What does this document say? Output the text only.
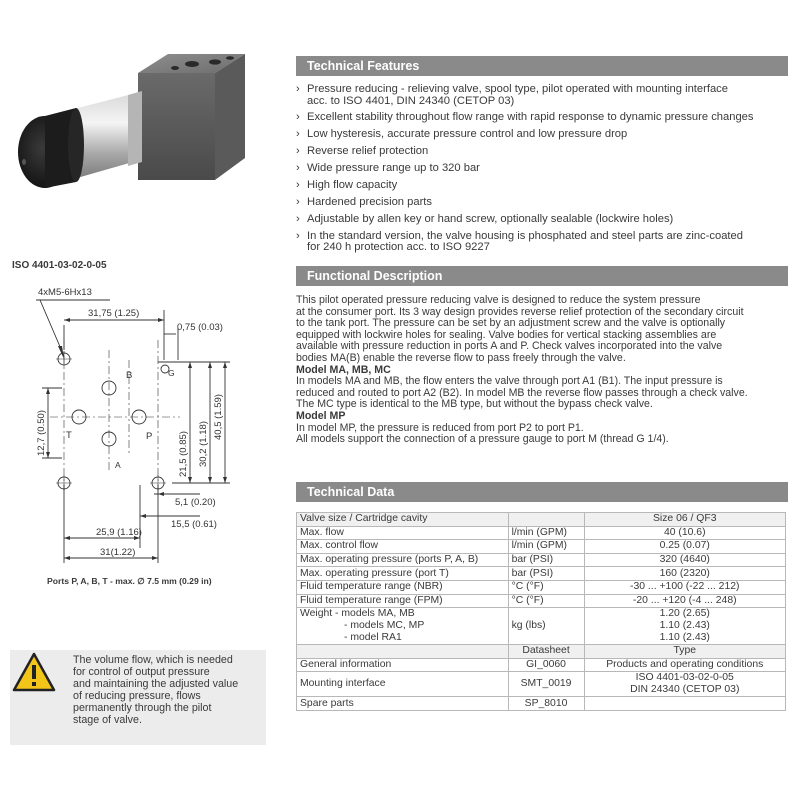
ISO 4401-03-02-0-05
4xM5-6Hx13
31,75 (1.25)
0,75 (0.03)
B	G
T	P
A
5,1 (0.20)
15,5 (0.61)
25,9 (1.16)
31(1.22)
12,7 (0.50)	21,5 (0.85) 30,2 (1.18)
40,5 (1.59)
Ports P, A, B, T - max. ∅ 7.5 mm (0.29 in)
The volume flow, which is needed
for control of output pressure
and maintaining the adjusted value
of reducing pressure, flows
permanently through the pilot
stage of valve.
Technical Features
› Pressure reducing - relieving valve, spool type, pilot operated with mounting interface
acc. to ISO 4401, DIN 24340 (CETOP 03)
› Excellent stability throughout flow range with rapid response to dynamic pressure changes
› Low hysteresis, accurate pressure control and low pressure drop
› Reverse relief protection
› Wide pressure range up to 320 bar
› High flow capacity
› Hardened precision parts
› Adjustable by allen key or hand screw, optionally sealable (lockwire holes)
› In the standard version, the valve housing is phosphated and steel parts are zinc-coated
for 240 h protection acc. to ISO 9227
Functional Description

This pilot operated pressure reducing valve is designed to reduce the system pressure

at the consumer port. Its 3 way design provides reverse relief protection of the secondary circuit

to the tank port. The pressure can be set by an adjustment screw and the valve is optionally

equipped with lockwire holes for sealing. Valve bodies for vertical stacking assemblies are

available with pressure reduction in ports A and P. Check valves incorporated into the valve

bodies MA(B) enable the reverse flow to pass freely through the valve.

Model MA, MB, MC

In models MA and MB, the flow enters the valve through port A1 (B1). The input pressure is

reduced and routed to port A2 (B2). In model MB the reverse flow passes through a check valve.

The MC type is identical to the MB type, but without the bypass check valve.

Model MP

In model MP, the pressure is reduced from port P2 to port P1.

All models support the connection of a pressure gauge to port M (thread G 1/4).

Technical Data
Valve size / Cartridge cavity		Size 06 / QF3
Max. flow	l/min (GPM)	40 (10.6)
Max. control flow	l/min (GPM)	0.25 (0.07)
Max. operating pressure (ports P, A, B)	bar (PSI)	320 (4640)
Max. operating pressure (port T)	bar (PSI)	160 (2320)
Fluid temperature range (NBR)	°C (°F)	-30 ... +100 (-22 ... 212)
Fluid temperature range (FPM)	°C (°F)	-20 ... +120 (-4 ... 248)

Weight - models MA, MB
- models MC, MP
- model RA1	kg (lbs)	1.20 (2.65)
1.10 (2.43)
1.10 (2.43)

	Datasheet	Type
General information	GI_0060	Products and operating conditions
Mounting interface	SMT_0019	ISO 4401-03-02-0-05
DIN 24340 (CETOP 03)

Spare parts	SP_8010	
